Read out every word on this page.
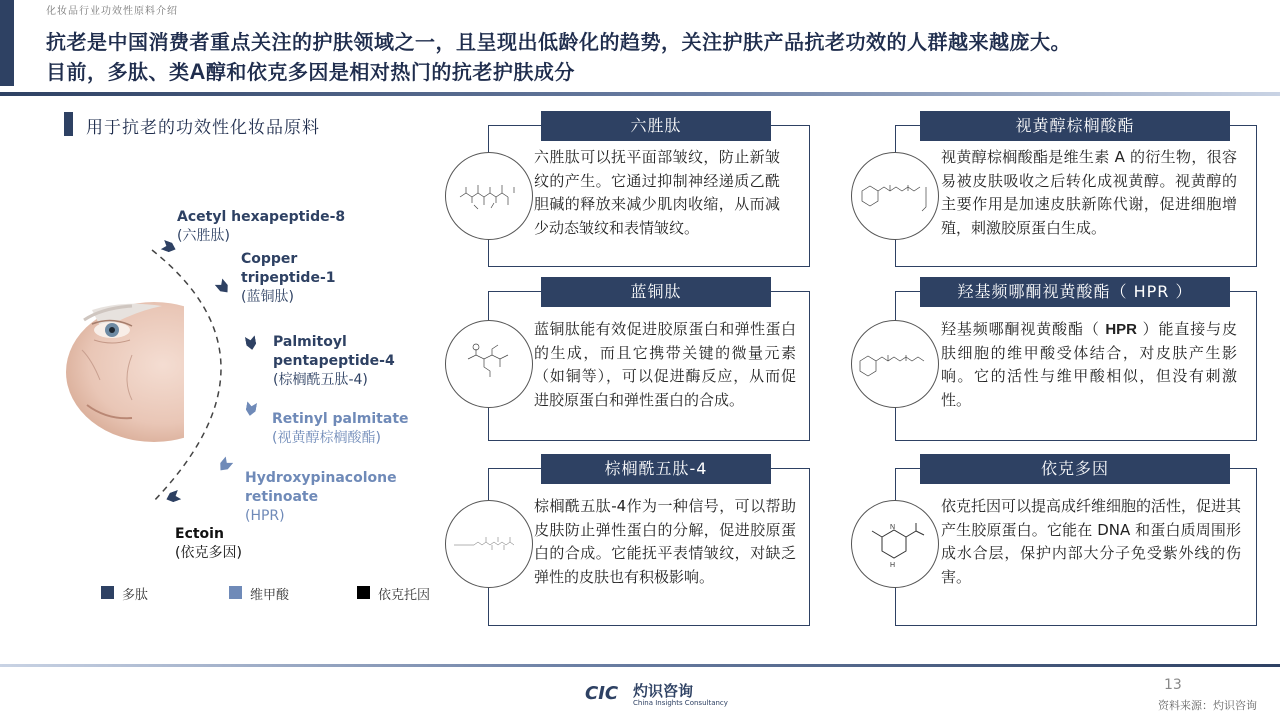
化妆品行业功效性原料介绍
抗老是中国消费者重点关注的护肤领域之一，且呈现出低龄化的趋势，关注护肤产品抗老功效的人群越来越庞大。
目前，多肽、类A醇和依克多因是相对热门的抗老护肤成分
用于抗老的功效性化妆品原料
Acetyl hexapeptide-8
(六胜肽)
Copper
tripeptide-1
(蓝铜肽)
Palmitoyl
pentapeptide-4
(棕榈酰五肽-4)
Retinyl palmitate
(视黄醇棕榈酸酯)
Hydroxypinacolone
retinoate
(HPR)
Ectoin
(依克多因)
多肽	维甲酸	依克托因
六胜肽
六胜肽可以抚平面部皱纹，防止新皱纹的产生。它通过抑制神经递质乙酰胆碱的释放来减少肌肉收缩，从而减少动态皱纹和表情皱纹。
蓝铜肽
蓝铜肽能有效促进胶原蛋白和弹性蛋白的生成，而且它携带关键的微量元素（如铜等），可以促进酶反应，从而促进胶原蛋白和弹性蛋白的合成。
棕榈酰五肽-4
棕榈酰五肽-4作为一种信号，可以帮助皮肤防止弹性蛋白的分解，促进胶原蛋白的合成。它能抚平表情皱纹，对缺乏弹性的皮肤也有积极影响。
视黄醇棕榈酸酯
视黄醇棕榈酸酯是维生素 A 的衍生物，很容易被皮肤吸收之后转化成视黄醇。视黄醇的主要作用是加速皮肤新陈代谢，促进细胞增殖，刺激胶原蛋白生成。
羟基频哪酮视黄酸酯（ HPR ）
羟基频哪酮视黄酸酯（ HPR ）能直接与皮肤细胞的维甲酸受体结合，对皮肤产生影响。它的活性与维甲酸相似，但没有刺激性。
依克多因
依克托因可以提高成纤维细胞的活性，促进其产生胶原蛋白。它能在 DNA 和蛋白质周围形成水合层，保护内部大分子免受紫外线的伤害。
N
H
CIC 灼识咨询
China Insights Consultancy
13
资料来源：灼识咨询
